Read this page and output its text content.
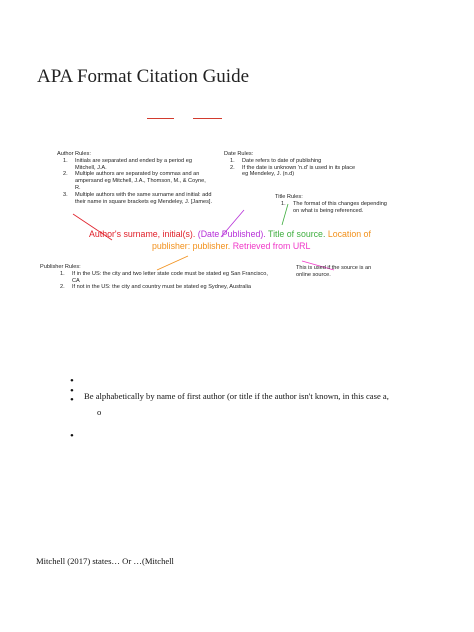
APA Format Citation Guide
Author Rules:
1. Initials are separated and ended by a period eg Mitchell, J.A.
2. Multiple authors are separated by commas and an ampersand eg Mitchell, J.A., Thomson, M., & Coyne, R.
3. Multiple authors with the same surname and initial: add their name in square brackets eg Mendeley, J. [James].
Date Rules:
1. Date refers to date of publishing
2. If the date is unknown 'n.d' is used in its place eg Mendeley, J. (n.d)
Title Rules:
1. The format of this changes depending on what is being referenced.
Author's surname, initial(s). (Date Published). Title of source. Location of
publisher: publisher. Retrieved from URL
Publisher Rules:
1. If in the US: the city and two letter state code must be stated eg San Francisco, CA
2. If not in the US: the city and country must be stated eg Sydney, Australia
This is used if the source is an online source.
•
•
• Be alphabetically by name of first author (or title if the author isn't known, in this case a,
o
•
Mitchell (2017) states… Or …(Mitchell
